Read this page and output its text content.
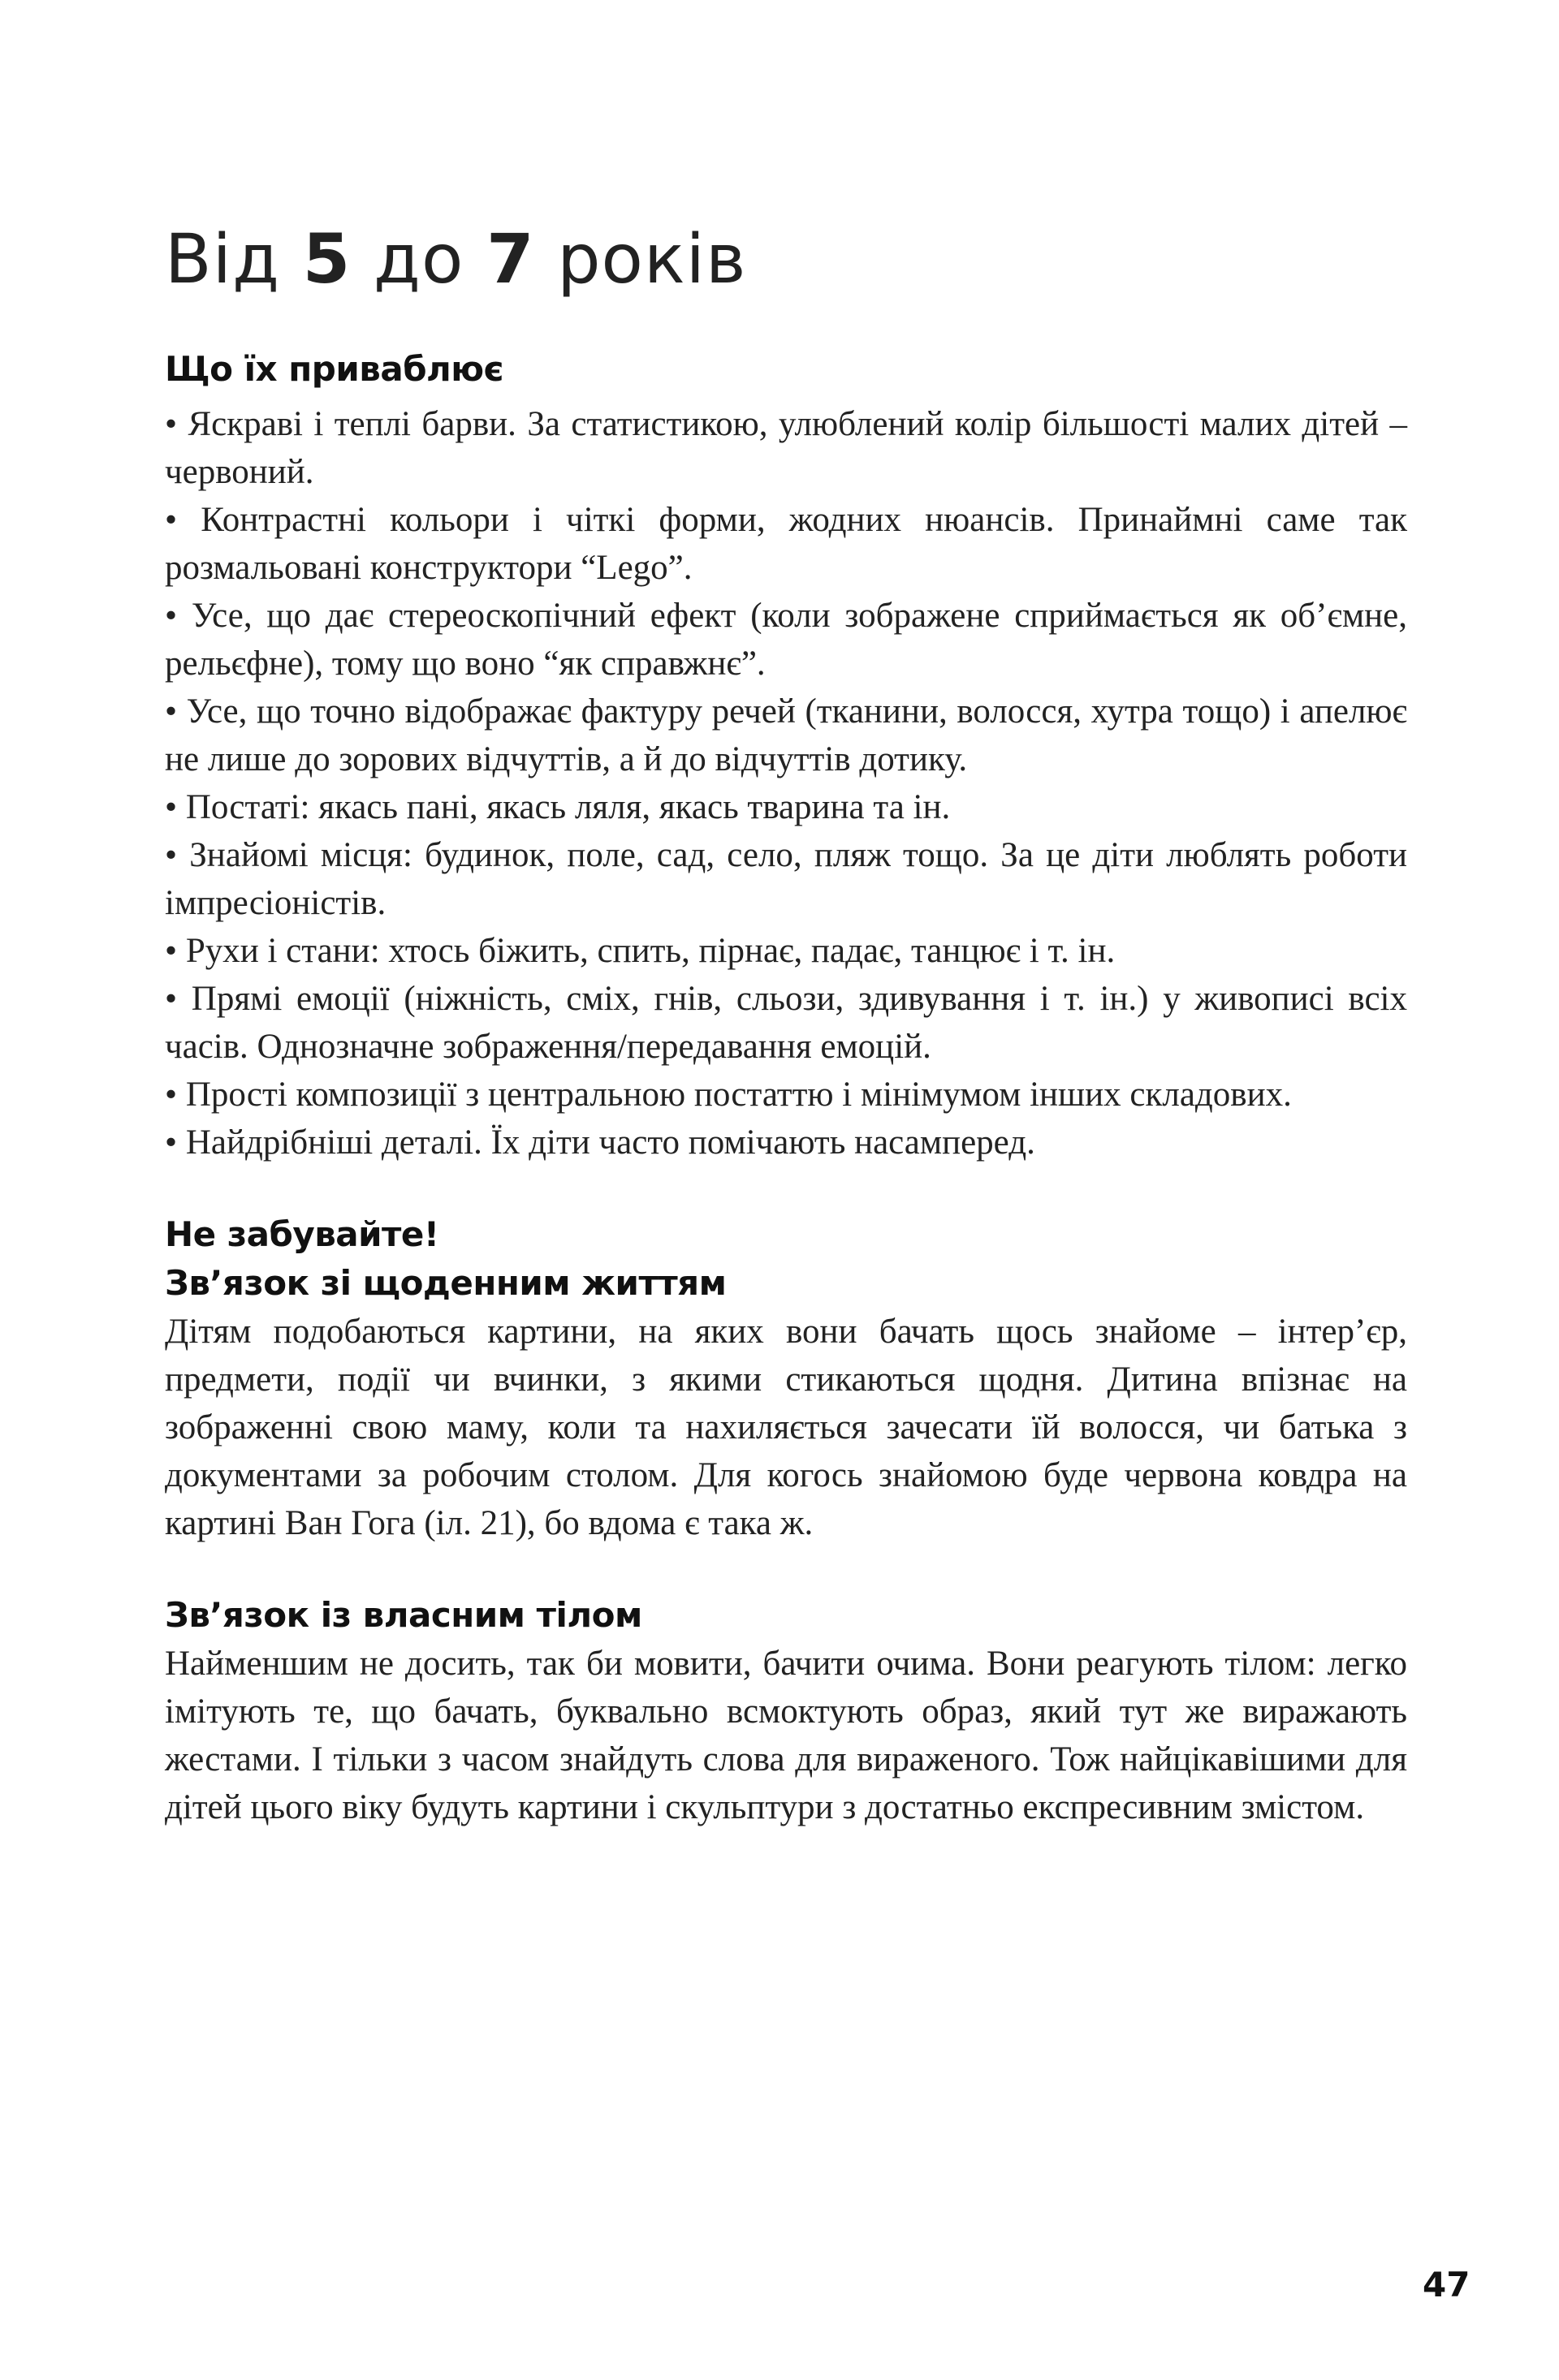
Від 5 до 7 років
Що їх приваблює

• Яскраві і теплі барви. За статистикою, улюблений колір більшості малих дітей – червоний.

• Контрастні кольори і чіткі форми, жодних нюансів. Принаймні саме так розмальовані конструктори “Lego”.

• Усе, що дає стереоскопічний ефект (коли зображене сприймається як об’ємне, рельєфне), тому що воно “як справжнє”.

• Усе, що точно відображає фактуру речей (тканини, волосся, хутра тощо) і апелює не лише до зорових відчуттів, а й до відчуттів дотику.

• Постаті: якась пані, якась ляля, якась тварина та ін.

• Знайомі місця: будинок, поле, сад, село, пляж тощо. За це діти люблять роботи імпресіоністів.

• Рухи і стани: хтось біжить, спить, пірнає, падає, танцює і т. ін.

• Прямі емоції (ніжність, сміх, гнів, сльози, здивування і т. ін.) у живописі всіх часів. Однозначне зображення/передавання емоцій.

• Прості композиції з центральною постаттю і мінімумом інших складових.

• Найдрібніші деталі. Їх діти часто помічають насамперед.

Не забувайте!
Зв’язок зі щоденним життям

Дітям подобаються картини, на яких вони бачать щось знайоме – інтер’єр, предмети, події чи вчинки, з якими стикаються щодня. Дитина впізнає на зображенні свою маму, коли та нахиляється зачесати їй волосся, чи батька з документами за робочим столом. Для когось знайомою буде червона ковдра на картині Ван Гога (іл. 21), бо вдома є така ж.

Зв’язок із власним тілом

Найменшим не досить, так би мовити, бачити очима. Вони реагують тілом: легко імітують те, що бачать, буквально всмоктують образ, який тут же виражають жестами. І тільки з часом знайдуть слова для вираженого. Тож найцікавішими для дітей цього віку будуть картини і скульптури з достатньо експресивним змістом.

47
